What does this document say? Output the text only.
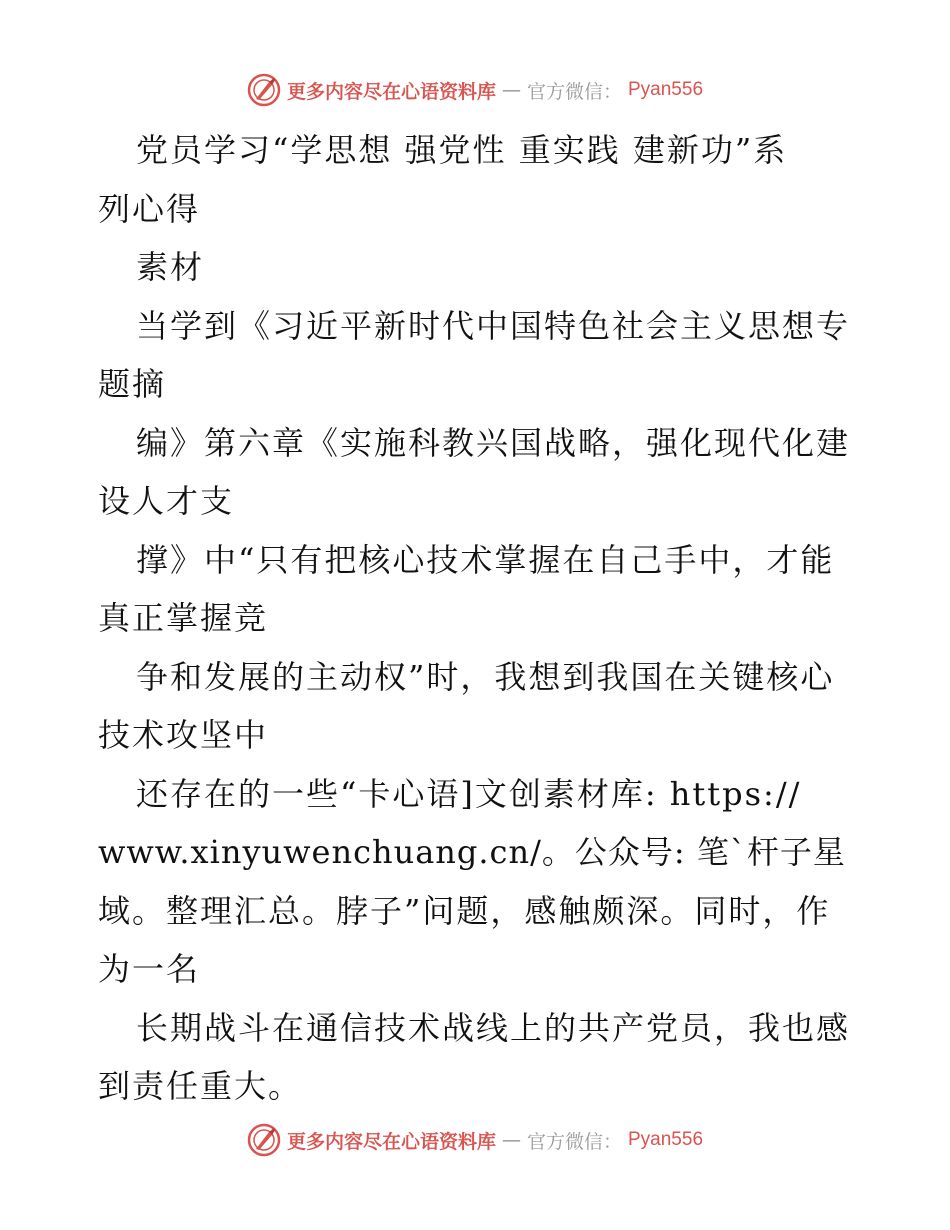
更多内容尽在心语资料库 — 官方微信： Pyan556
党员学习“学思想 强党性 重实践 建新功”系
列心得
素材
当学到《习近平新时代中国特色社会主义思想专
题摘
编》第六章《实施科教兴国战略，强化现代化建
设人才支
撑》中“只有把核心技术掌握在自己手中，才能
真正掌握竞
争和发展的主动权”时，我想到我国在关键核心
技术攻坚中
还存在的一些“卡心语]文创素材库: https://
www.xinyuwenchuang.cn/。公众号: 笔`杆子星
域。整理汇总。脖子”问题，感触颇深。同时，作
为一名
长期战斗在通信技术战线上的共产党员，我也感
到责任重大。
更多内容尽在心语资料库 — 官方微信： Pyan556
